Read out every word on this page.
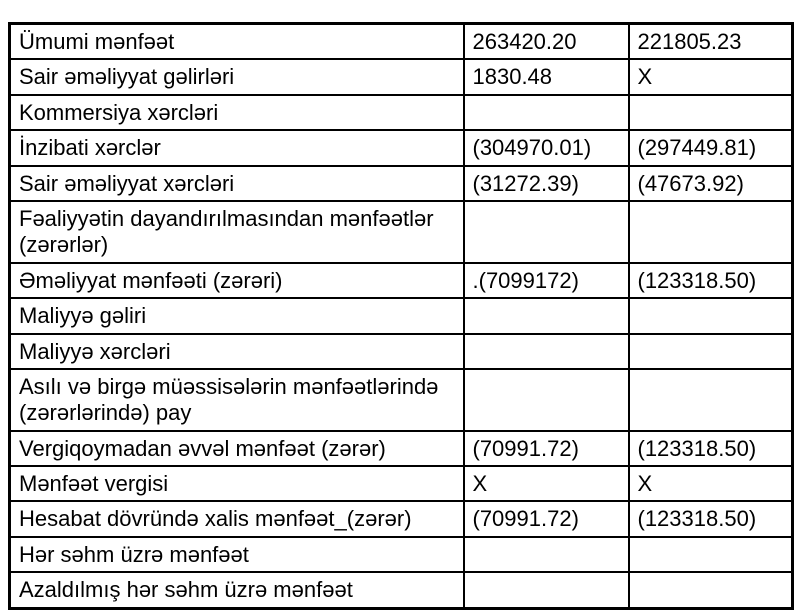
Ümumi mənfəət	263420.20	221805.23
Sair əməliyyat gəlirləri	1830.48	X
Kommersiya xərcləri		
İnzibati xərclər	(304970.01)	(297449.81)
Sair əməliyyat xərcləri	(31272.39)	(47673.92)
Fəaliyyətin dayandırılmasından mənfəətlər (zərərlər)		
Əməliyyat mənfəəti (zərəri)	.(7099172)	(123318.50)
Maliyyə gəliri		
Maliyyə xərcləri		
Asılı və birgə müəssisələrin mənfəətlərində (zərərlərində) pay		
Vergiqoymadan əvvəl mənfəət (zərər)	(70991.72)	(123318.50)
Mənfəət vergisi	X	X
Hesabat dövründə xalis mənfəət_(zərər)	(70991.72)	(123318.50)
Hər səhm üzrə mənfəət		
Azaldılmış hər səhm üzrə mənfəət		
